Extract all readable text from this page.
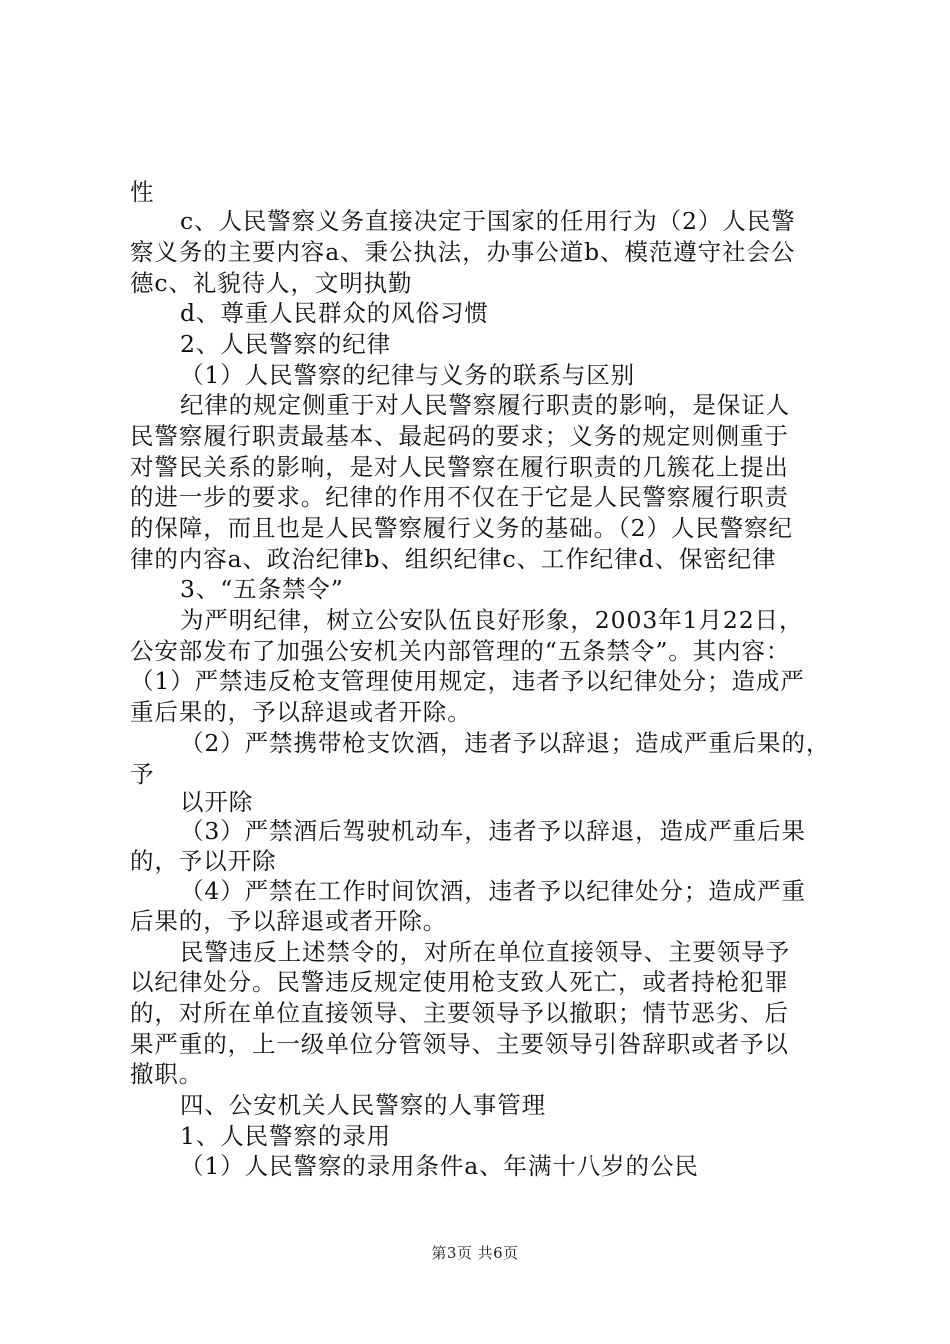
性
c、人民警察义务直接决定于国家的任用行为（2）人民警
察义务的主要内容a、秉公执法，办事公道b、模范遵守社会公
德c、礼貌待人，文明执勤
d、尊重人民群众的风俗习惯
2、人民警察的纪律
（1）人民警察的纪律与义务的联系与区别
纪律的规定侧重于对人民警察履行职责的影响，是保证人
民警察履行职责最基本、最起码的要求；义务的规定则侧重于
对警民关系的影响，是对人民警察在履行职责的几簇花上提出
的进一步的要求。纪律的作用不仅在于它是人民警察履行职责
的保障，而且也是人民警察履行义务的基础。（2）人民警察纪
律的内容a、政治纪律b、组织纪律c、工作纪律d、保密纪律
3、“五条禁令”
为严明纪律，树立公安队伍良好形象，2003年1月22日，
公安部发布了加强公安机关内部管理的“五条禁令”。其内容：
（1）严禁违反枪支管理使用规定，违者予以纪律处分；造成严
重后果的，予以辞退或者开除。
（2）严禁携带枪支饮酒，违者予以辞退；造成严重后果的，
予
以开除
（3）严禁酒后驾驶机动车，违者予以辞退，造成严重后果
的，予以开除
（4）严禁在工作时间饮酒，违者予以纪律处分；造成严重
后果的，予以辞退或者开除。
民警违反上述禁令的，对所在单位直接领导、主要领导予
以纪律处分。民警违反规定使用枪支致人死亡，或者持枪犯罪
的，对所在单位直接领导、主要领导予以撤职；情节恶劣、后
果严重的，上一级单位分管领导、主要领导引咎辞职或者予以
撤职。
四、公安机关人民警察的人事管理
1、人民警察的录用
（1）人民警察的录用条件a、年满十八岁的公民
第3页 共6页
